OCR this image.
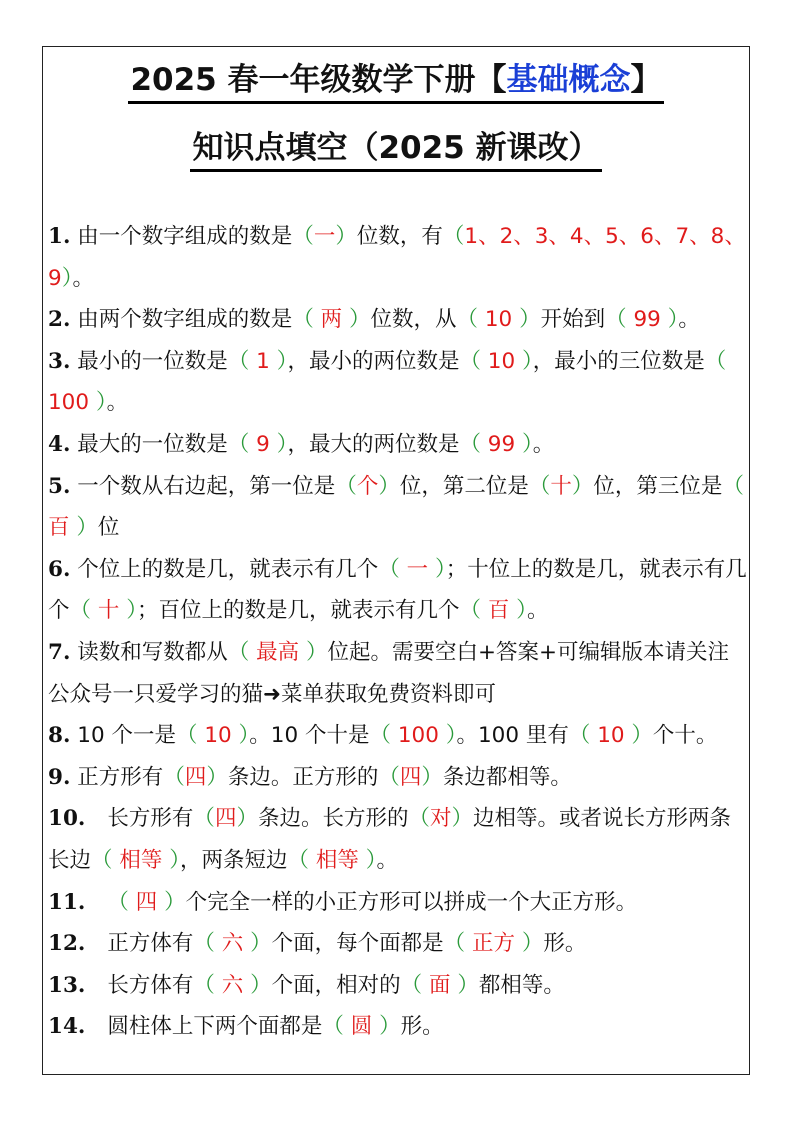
2025 春一年级数学下册【基础概念】
知识点填空（2025 新课改）

1. 由一个数字组成的数是（一）位数，有（1、2、3、4、5、6、7、8、9）。

2. 由两个数字组成的数是（ 两 ）位数，从（ 10 ）开始到（ 99 ）。

3. 最小的一位数是（ 1 ），最小的两位数是（ 10 ），最小的三位数是（ 100 ）。

4. 最大的一位数是（ 9 ），最大的两位数是（ 99 ）。

5. 一个数从右边起，第一位是（个）位，第二位是（十）位，第三位是（ 百 ）位

6. 个位上的数是几，就表示有几个（ 一 ）；十位上的数是几，就表示有几个（ 十 ）；百位上的数是几，就表示有几个（ 百 ）。

7. 读数和写数都从（ 最高 ）位起。需要空白+答案+可编辑版本请关注公众号一只爱学习的猫➜菜单获取免费资料即可

8. 10 个一是（ 10 ）。10 个十是（ 100 ）。100 里有（ 10 ）个十。

9. 正方形有（四）条边。正方形的（四）条边都相等。

10. 长方形有（四）条边。长方形的（对）边相等。或者说长方形两条长边（ 相等 ），两条短边（ 相等 ）。

11. （ 四 ）个完全一样的小正方形可以拼成一个大正方形。

12. 正方体有（ 六 ）个面，每个面都是（ 正方 ）形。

13. 长方体有（ 六 ）个面，相对的（ 面 ）都相等。

14. 圆柱体上下两个面都是（ 圆 ）形。
